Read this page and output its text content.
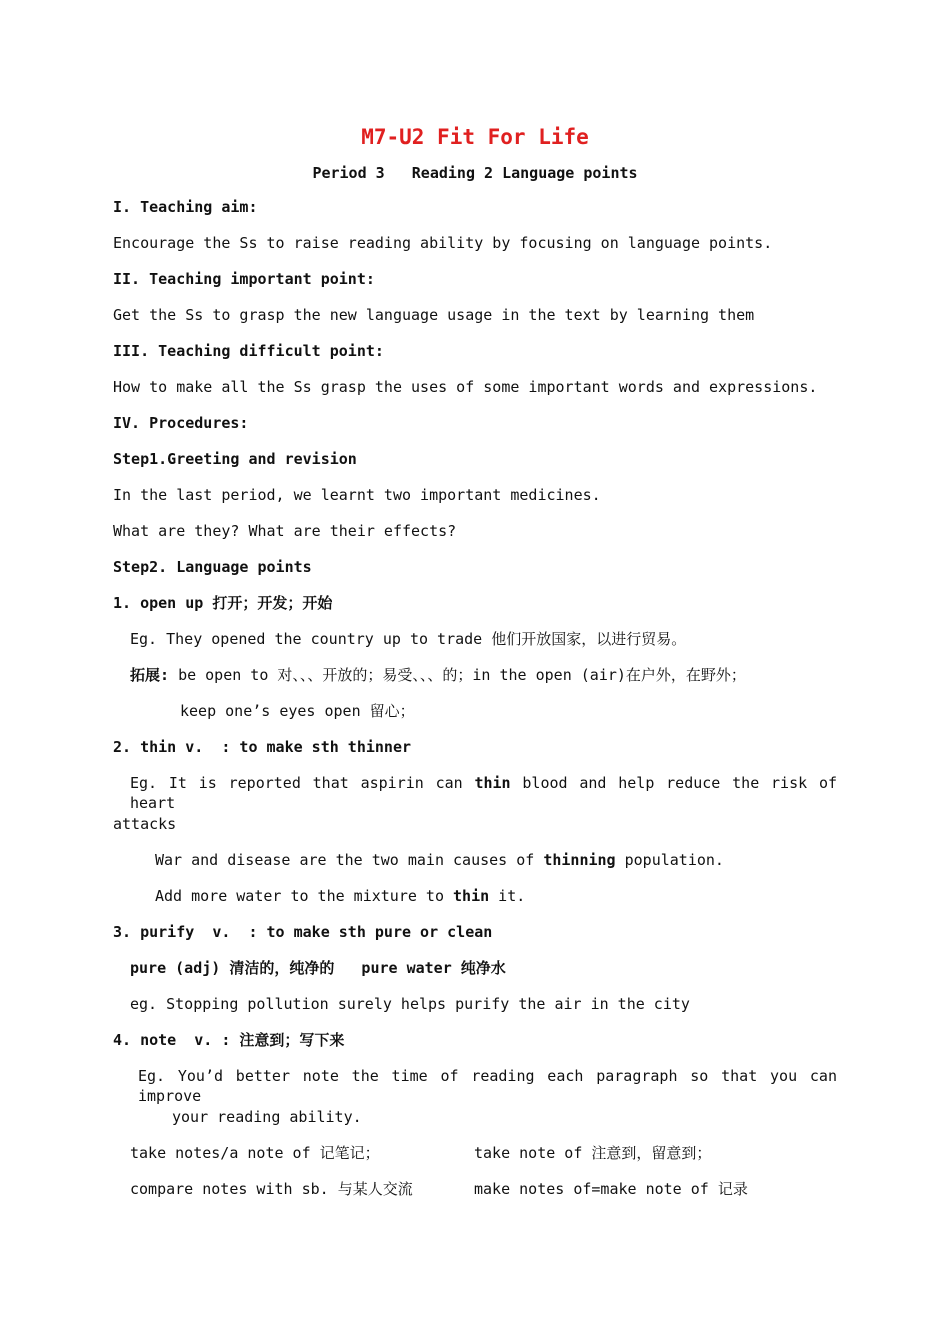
M7-U2 Fit For Life
Period 3   Reading 2 Language points
I. Teaching aim:
Encourage the Ss to raise reading ability by focusing on language points.
II. Teaching important point:
Get the Ss to grasp the new language usage in the text by learning them
III. Teaching difficult point:
How to make all the Ss grasp the uses of some important words and expressions.
IV. Procedures:
Step1.Greeting and revision
In the last period, we learnt two important medicines.
What are they? What are their effects?
Step2. Language points
1. open up 打开；开发；开始
Eg. They opened the country up to trade 他们开放国家，以进行贸易。
拓展: be open to 对、、、开放的；易受、、、的；in the open (air)在户外，在野外；
keep one’s eyes open 留心；
2. thin v.  : to make sth thinner
Eg. It is reported that aspirin can thin blood and help reduce the risk of heart
attacks
War and disease are the two main causes of thinning population.
Add more water to the mixture to thin it.
3. purify  v.  : to make sth pure or clean
pure (adj) 清洁的，纯净的   pure water 纯净水
eg. Stopping pollution surely helps purify the air in the city
4. note  v. : 注意到；写下来
Eg. You’d better note the time of reading each paragraph so that you can improve
your reading ability.
take notes/a note of 记笔记；	take note of 注意到，留意到；
compare notes with sb. 与某人交流	make notes of=make note of 记录
